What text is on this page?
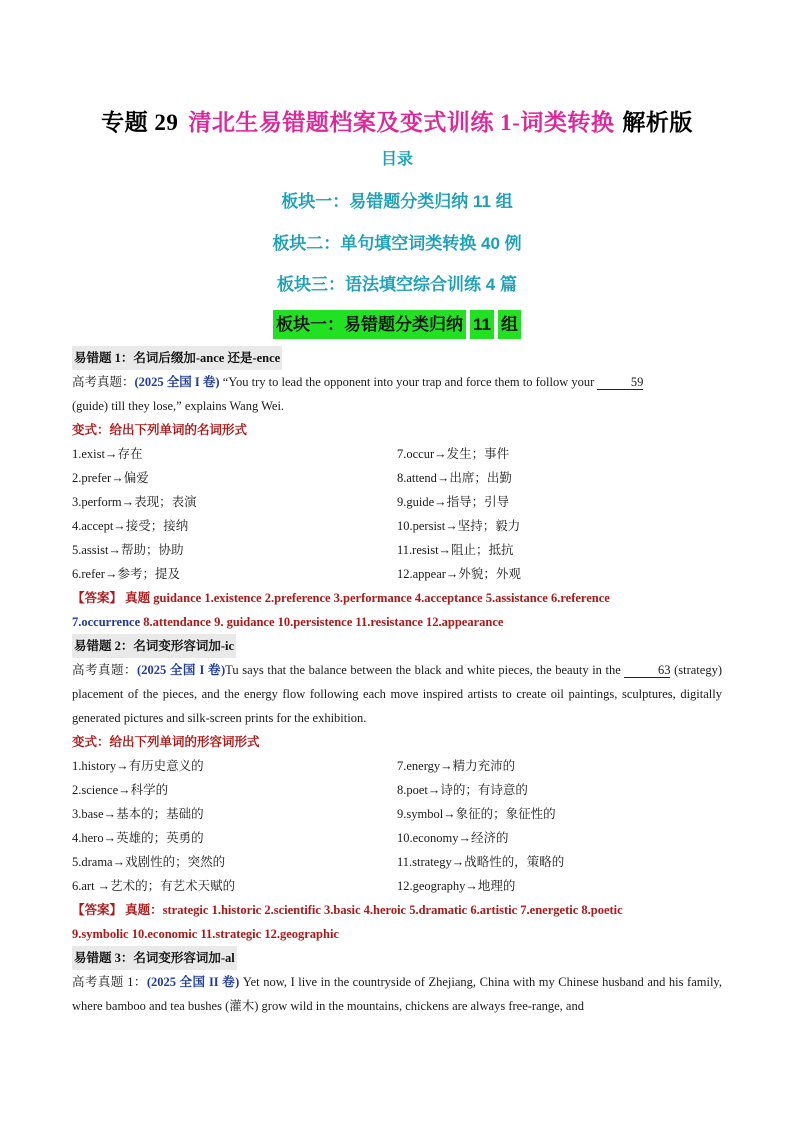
专题 29 清北生易错题档案及变式训练 1-词类转换 解析版
目录
板块一：易错题分类归纳 11 组
板块二：单句填空词类转换 40 例
板块三：语法填空综合训练 4 篇
板块一：易错题分类归纳 11 组
易错题 1：名词后缀加-ance 还是-ence
高考真题：(2025 全国 I 卷) “You try to lead the opponent into your trap and force them to follow your	59
(guide) till they lose,” explains Wang Wei.
变式：给出下列单词的名词形式
1.exist→存在
2.prefer→偏爱
3.perform→表现；表演
4.accept→接受；接纳
5.assist→帮助；协助
6.refer→参考；提及
7.occur→发生；事件
8.attend→出席；出勤
9.guide→指导；引导
10.persist→坚持；毅力
11.resist→阻止；抵抗
12.appear→外貌；外观
【答案】 真题 guidance 1.existence 2.preference 3.performance 4.acceptance 5.assistance 6.reference
7.occurrence 8.attendance 9. guidance 10.persistence 11.resistance 12.appearance
易错题 2：名词变形容词加-ic
高考真题：(2025 全国 I 卷)Tu says that the balance between the black and white pieces, the beauty in the	63 (strategy) placement of the pieces, and the energy flow following each move inspired artists to create oil paintings, sculptures, digitally generated pictures and silk-screen prints for the exhibition.
变式：给出下列单词的形容词形式
1.history→有历史意义的
2.science→科学的
3.base→基本的；基础的
4.hero→英雄的；英勇的
5.drama→戏剧性的；突然的
6.art →艺术的；有艺术天赋的
7.energy→精力充沛的
8.poet→诗的；有诗意的
9.symbol→象征的；象征性的
10.economy→经济的
11.strategy→战略性的，策略的
12.geography→地理的
【答案】 真题：strategic 1.historic 2.scientific 3.basic 4.heroic 5.dramatic 6.artistic 7.energetic 8.poetic
9.symbolic 10.economic 11.strategic 12.geographic
易错题 3：名词变形容词加-al
高考真题 1：(2025 全国 II 卷) Yet now, I live in the countryside of Zhejiang, China with my Chinese husband and his family, where bamboo and tea bushes (灌木) grow wild in the mountains, chickens are always free-range, and
